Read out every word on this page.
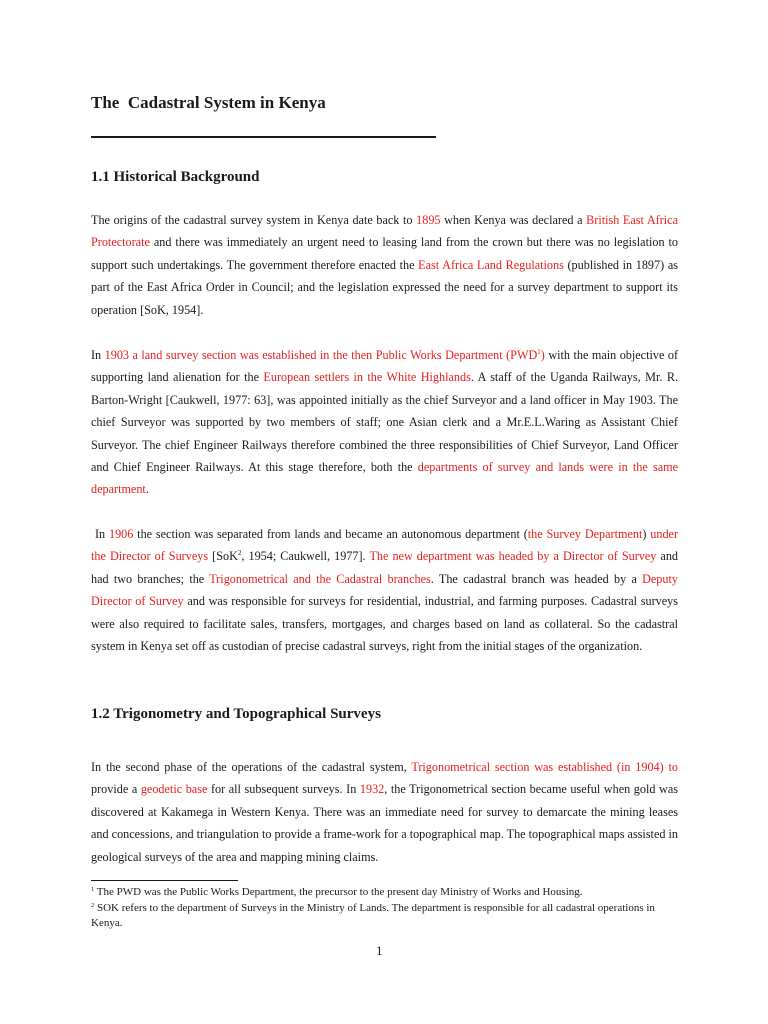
The  Cadastral System in Kenya
1.1 Historical Background

The origins of the cadastral survey system in Kenya date back to 1895 when Kenya was declared a British East Africa Protectorate and there was immediately an urgent need to leasing land from the crown but there was no legislation to support such undertakings. The government therefore enacted the East Africa Land Regulations (published in 1897) as part of the East Africa Order in Council; and the legislation expressed the need for a survey department to support its operation [SoK, 1954].

In 1903 a land survey section was established in the then Public Works Department (PWD$^1$) with the main objective of supporting land alienation for the European settlers in the White Highlands. A staff of the Uganda Railways, Mr. R. Barton-Wright [Caukwell, 1977: 63], was appointed initially as the chief Surveyor and a land officer in May 1903. The chief Surveyor was supported by two members of staff; one Asian clerk and a Mr.E.L.Waring as Assistant Chief Surveyor. The chief Engineer Railways therefore combined the three responsibilities of Chief Surveyor, Land Officer and Chief Engineer Railways. At this stage therefore, both the departments of survey and lands were in the same department.

In 1906 the section was separated from lands and became an autonomous department (the Survey Department) under the Director of Surveys [SoK$^2$, 1954; Caukwell, 1977]. The new department was headed by a Director of Survey and had two branches; the Trigonometrical and the Cadastral branches. The cadastral branch was headed by a Deputy Director of Survey and was responsible for surveys for residential, industrial, and farming purposes. Cadastral surveys were also required to facilitate sales, transfers, mortgages, and charges based on land as collateral. So the cadastral system in Kenya set off as custodian of precise cadastral surveys, right from the initial stages of the organization.

1.2 Trigonometry and Topographical Surveys

In the second phase of the operations of the cadastral system, Trigonometrical section was established (in 1904) to provide a geodetic base for all subsequent surveys. In 1932, the Trigonometrical section became useful when gold was discovered at Kakamega in Western Kenya. There was an immediate need for survey to demarcate the mining leases and concessions, and triangulation to provide a frame-work for a topographical map. The topographical maps assisted in geological surveys of the area and mapping mining claims.

$^1$ The PWD was the Public Works Department, the precursor to the present day Ministry of Works and Housing.

$^2$ SOK refers to the department of Surveys in the Ministry of Lands. The department is responsible for all cadastral operations in Kenya.

1
